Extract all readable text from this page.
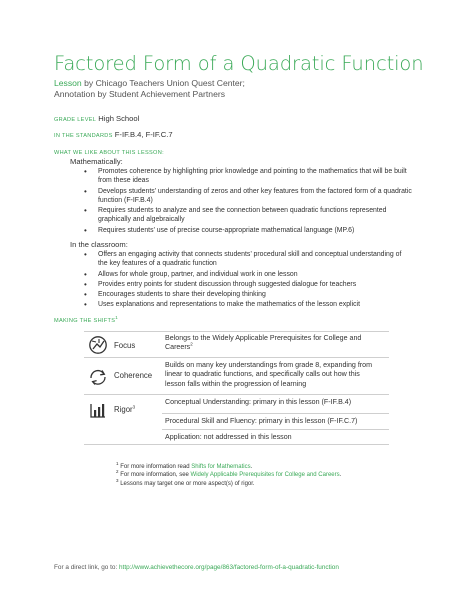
Factored Form of a Quadratic Function
Lesson by Chicago Teachers Union Quest Center;
Annotation by Student Achievement Partners
GRADE LEVEL High School
IN THE STANDARDS F-IF.B.4, F-IF.C.7
WHAT WE LIKE ABOUT THIS LESSON:
Mathematically:
• Promotes coherence by highlighting prior knowledge and pointing to the mathematics that will be built from these ideas
• Develops students’ understanding of zeros and other key features from the factored form of a quadratic function (F-IF.B.4)
• Requires students to analyze and see the connection between quadratic functions represented graphically and algebraically
• Requires students’ use of precise course-appropriate mathematical language (MP.6)
In the classroom:
• Offers an engaging activity that connects students’ procedural skill and conceptual understanding of the key features of a quadratic function
• Allows for whole group, partner, and individual work in one lesson
• Provides entry points for student discussion through suggested dialogue for teachers
• Encourages students to share their developing thinking
• Uses explanations and representations to make the mathematics of the lesson explicit
MAKING THE SHIFTS$^1$
Focus
Belongs to the Widely Applicable Prerequisites for College and Careers$^2$
Coherence
Builds on many key understandings from grade 8, expanding from linear to quadratic functions, and specifically calls out how this lesson falls within the progression of learning
Rigor$^3$
Conceptual Understanding: primary in this lesson (F-IF.B.4)
Procedural Skill and Fluency: primary in this lesson (F-IF.C.7)
Application: not addressed in this lesson
$^1$ For more information read Shifts for Mathematics.
$^2$ For more information, see Widely Applicable Prerequisites for College and Careers.
$^3$ Lessons may target one or more aspect(s) of rigor.
For a direct link, go to: http://www.achievethecore.org/page/863/factored-form-of-a-quadratic-function
